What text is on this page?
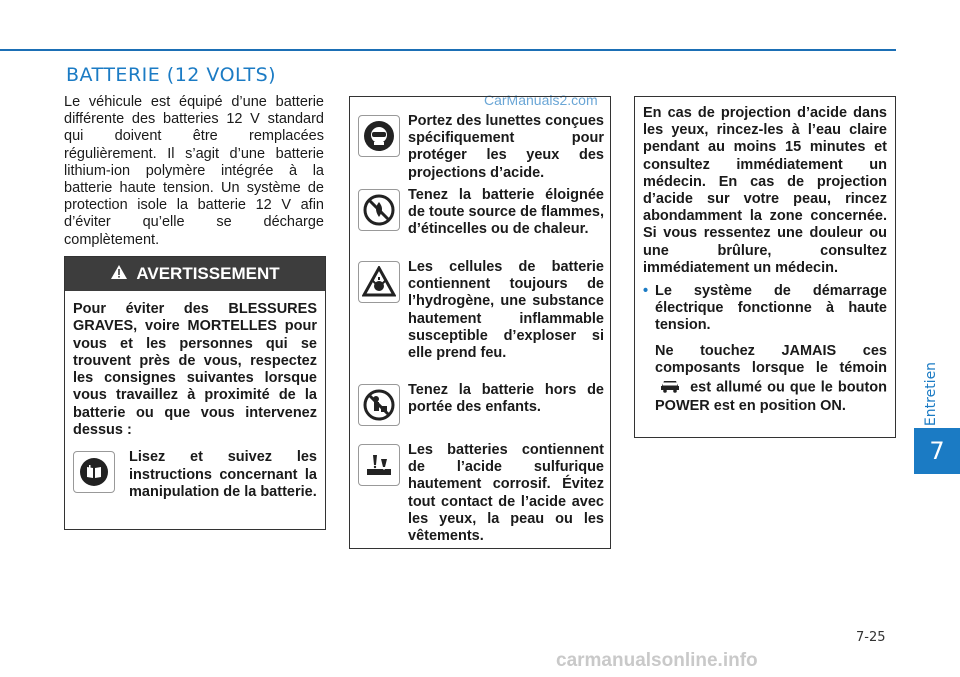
BATTERIE (12 VOLTS)
CarManuals2.com
Le véhicule est équipé d’une batterie différente des batteries 12 V standard qui doivent être remplacées régulièrement. Il s’agit d’une batterie lithium-ion polymère intégrée à la batterie haute tension. Un système de protection isole la batterie 12 V afin d’éviter qu’elle se décharge complètement.
AVERTISSEMENT
Pour éviter des BLESSURES GRAVES, voire MORTELLES pour vous et les personnes qui se trouvent près de vous, respectez les consignes suivantes lorsque vous travaillez à proximité de la batterie ou que vous intervenez dessus :
Lisez et suivez les instructions concernant la manipulation de la batterie.
Portez des lunettes conçues spécifiquement pour protéger les yeux des projections d’acide.
Tenez la batterie éloignée de toute source de flammes, d’étincelles ou de chaleur.
Les cellules de batterie contiennent toujours de l’hydrogène, une substance hautement inflammable susceptible d’exploser si elle prend feu.
Tenez la batterie hors de portée des enfants.
Les batteries contiennent de l’acide sulfurique hautement corrosif. Évitez tout contact de l’acide avec les yeux, la peau ou les vêtements.
En cas de projection d’acide dans les yeux, rincez-les à l’eau claire pendant au moins 15 minutes et consultez immédiatement un médecin. En cas de projection d’acide sur votre peau, rincez abondamment la zone concernée. Si vous ressentez une douleur ou une brûlure, consultez immédiatement un médecin.
• Le système de démarrage électrique fonctionne à haute tension.
Ne touchez JAMAIS ces composants lorsque le témoin  est allumé ou que le bouton POWER est en position ON.	Entretien
7
7-25
carmanualsonline.info
